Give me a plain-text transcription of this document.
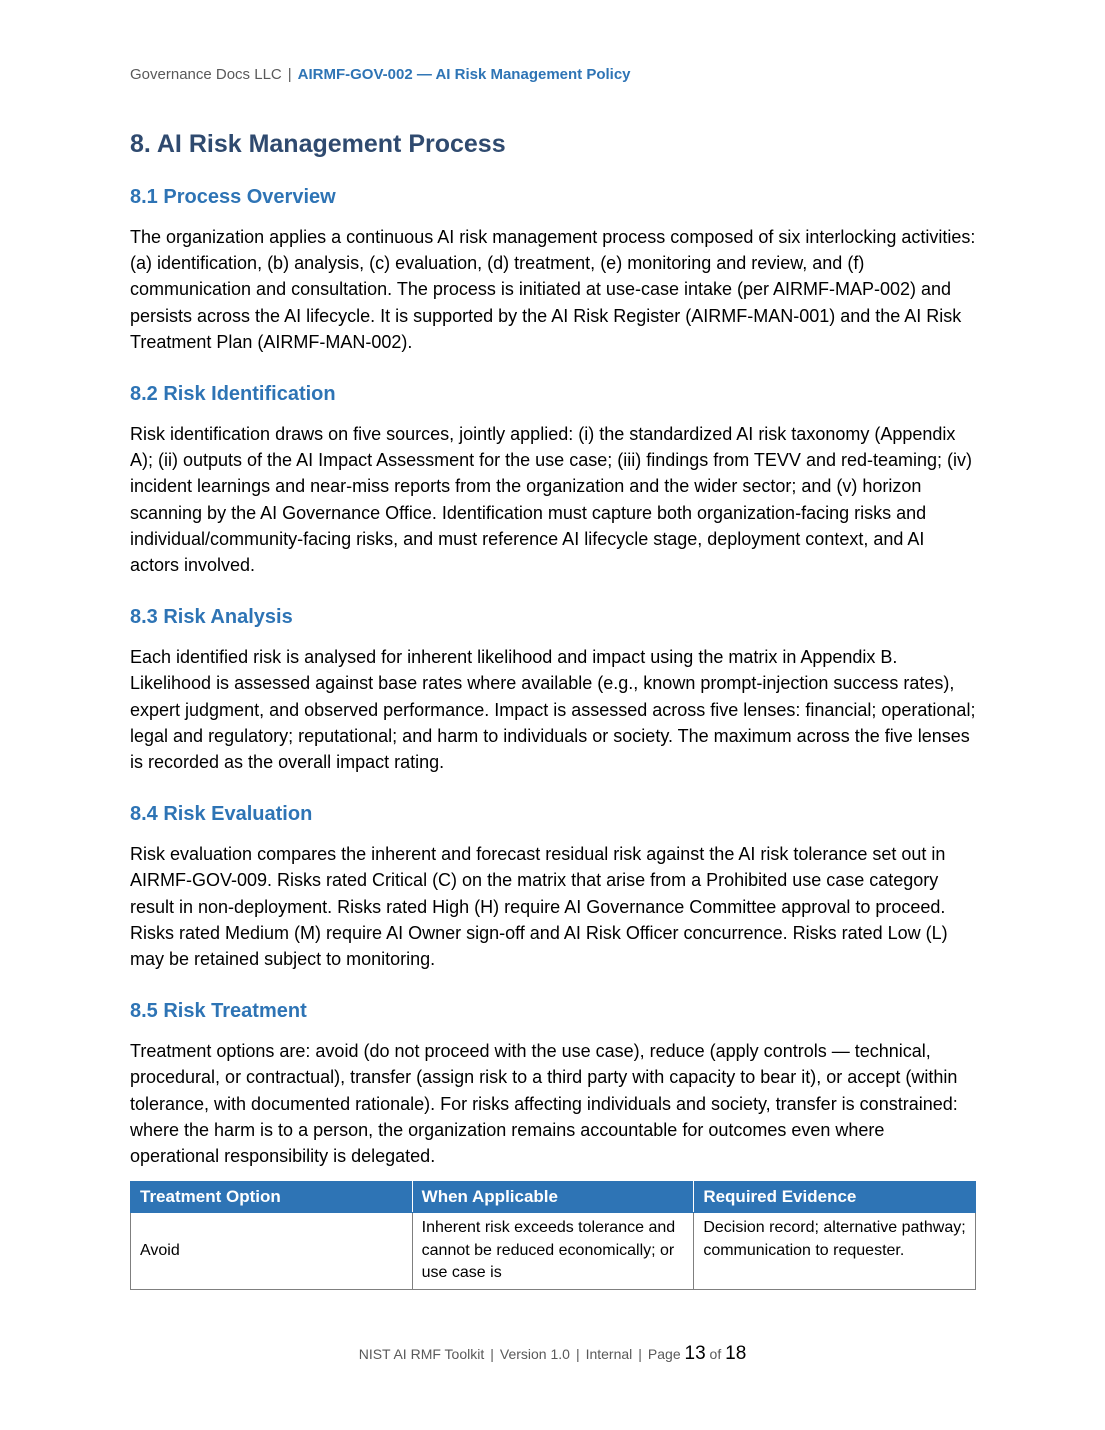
Governance Docs LLC | AIRMF-GOV-002 — AI Risk Management Policy
8. AI Risk Management Process
8.1 Process Overview

The organization applies a continuous AI risk management process composed of six interlocking activities: (a) identification, (b) analysis, (c) evaluation, (d) treatment, (e) monitoring and review, and (f) communication and consultation. The process is initiated at use-case intake (per AIRMF-MAP-002) and persists across the AI lifecycle. It is supported by the AI Risk Register (AIRMF-MAN-001) and the AI Risk Treatment Plan (AIRMF-MAN-002).

8.2 Risk Identification

Risk identification draws on five sources, jointly applied: (i) the standardized AI risk taxonomy (Appendix A); (ii) outputs of the AI Impact Assessment for the use case; (iii) findings from TEVV and red-teaming; (iv) incident learnings and near-miss reports from the organization and the wider sector; and (v) horizon scanning by the AI Governance Office. Identification must capture both organization-facing risks and individual/community-facing risks, and must reference AI lifecycle stage, deployment context, and AI actors involved.

8.3 Risk Analysis

Each identified risk is analysed for inherent likelihood and impact using the matrix in Appendix B. Likelihood is assessed against base rates where available (e.g., known prompt-injection success rates), expert judgment, and observed performance. Impact is assessed across five lenses: financial; operational; legal and regulatory; reputational; and harm to individuals or society. The maximum across the five lenses is recorded as the overall impact rating.

8.4 Risk Evaluation

Risk evaluation compares the inherent and forecast residual risk against the AI risk tolerance set out in AIRMF-GOV-009. Risks rated Critical (C) on the matrix that arise from a Prohibited use case category result in non-deployment. Risks rated High (H) require AI Governance Committee approval to proceed. Risks rated Medium (M) require AI Owner sign-off and AI Risk Officer concurrence. Risks rated Low (L) may be retained subject to monitoring.

8.5 Risk Treatment

Treatment options are: avoid (do not proceed with the use case), reduce (apply controls — technical, procedural, or contractual), transfer (assign risk to a third party with capacity to bear it), or accept (within tolerance, with documented rationale). For risks affecting individuals and society, transfer is constrained: where the harm is to a person, the organization remains accountable for outcomes even where operational responsibility is delegated.

Treatment Option	When Applicable	Required Evidence
Avoid	Inherent risk exceeds tolerance and cannot be reduced economically; or use case is	Decision record; alternative pathway; communication to requester.
NIST AI RMF Toolkit | Version 1.0 | Internal | Page 13 of 18
